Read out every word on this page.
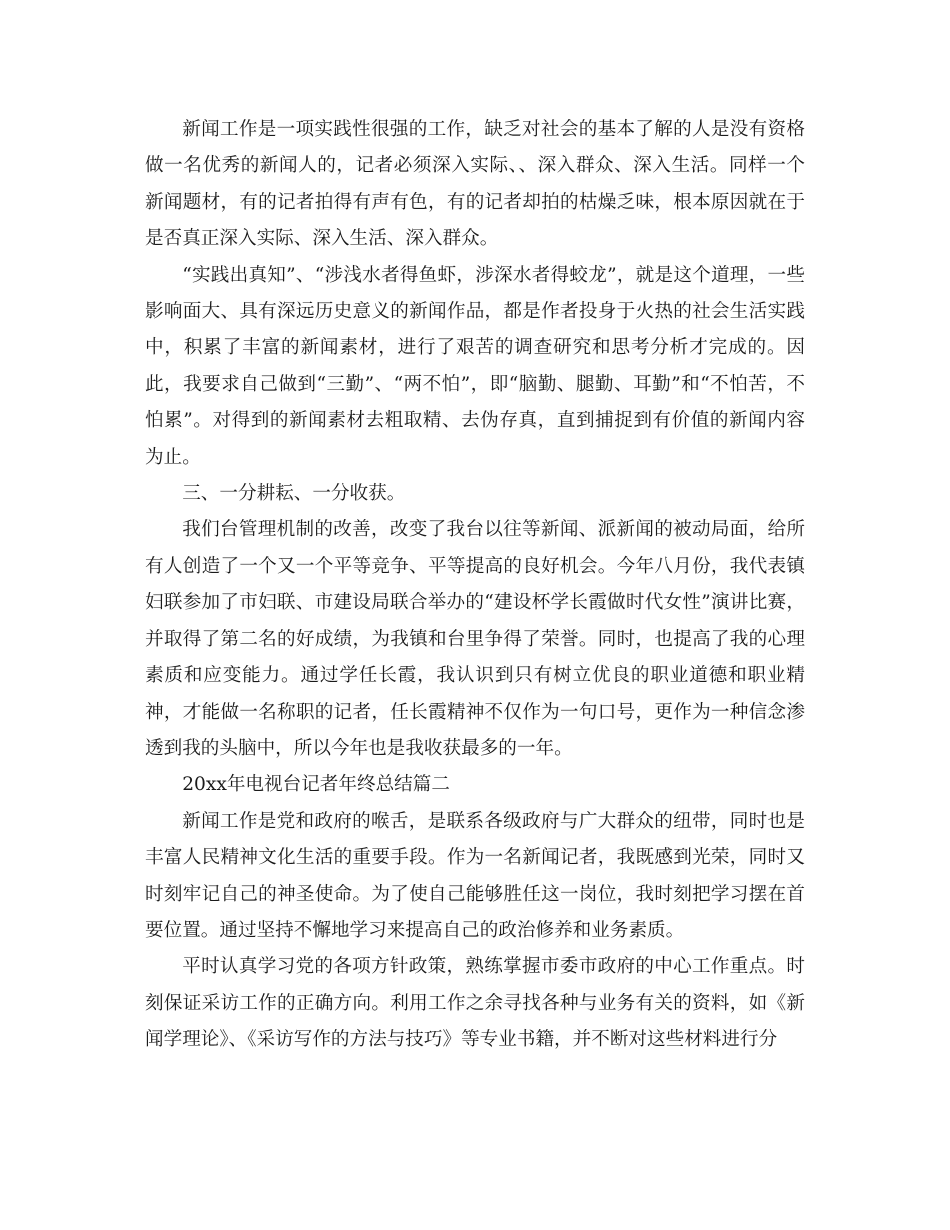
新闻工作是一项实践性很强的工作，缺乏对社会的基本了解的人是没有资格做一名优秀的新闻人的，记者必须深入实际、、深入群众、深入生活。同样一个新闻题材，有的记者拍得有声有色，有的记者却拍的枯燥乏味，根本原因就在于是否真正深入实际、深入生活、深入群众。

“实践出真知”、“涉浅水者得鱼虾，涉深水者得蛟龙”，就是这个道理，一些影响面大、具有深远历史意义的新闻作品，都是作者投身于火热的社会生活实践中，积累了丰富的新闻素材，进行了艰苦的调查研究和思考分析才完成的。因此，我要求自己做到“三勤”、“两不怕”，即“脑勤、腿勤、耳勤”和“不怕苦，不怕累”。对得到的新闻素材去粗取精、去伪存真，直到捕捉到有价值的新闻内容为止。

三、一分耕耘、一分收获。

我们台管理机制的改善，改变了我台以往等新闻、派新闻的被动局面，给所有人创造了一个又一个平等竞争、平等提高的良好机会。今年八月份，我代表镇妇联参加了市妇联、市建设局联合举办的“建设杯学长霞做时代女性”演讲比赛，并取得了第二名的好成绩，为我镇和台里争得了荣誉。同时，也提高了我的心理素质和应变能力。通过学任长霞，我认识到只有树立优良的职业道德和职业精神，才能做一名称职的记者，任长霞精神不仅作为一句口号，更作为一种信念渗透到我的头脑中，所以今年也是我收获最多的一年。

20xx年电视台记者年终总结篇二

新闻工作是党和政府的喉舌，是联系各级政府与广大群众的纽带，同时也是丰富人民精神文化生活的重要手段。作为一名新闻记者，我既感到光荣，同时又时刻牢记自己的神圣使命。为了使自己能够胜任这一岗位，我时刻把学习摆在首要位置。通过坚持不懈地学习来提高自己的政治修养和业务素质。

平时认真学习党的各项方针政策，熟练掌握市委市政府的中心工作重点。时刻保证采访工作的正确方向。利用工作之余寻找各种与业务有关的资料，如《新闻学理论》、《采访写作的方法与技巧》等专业书籍，并不断对这些材料进行分
